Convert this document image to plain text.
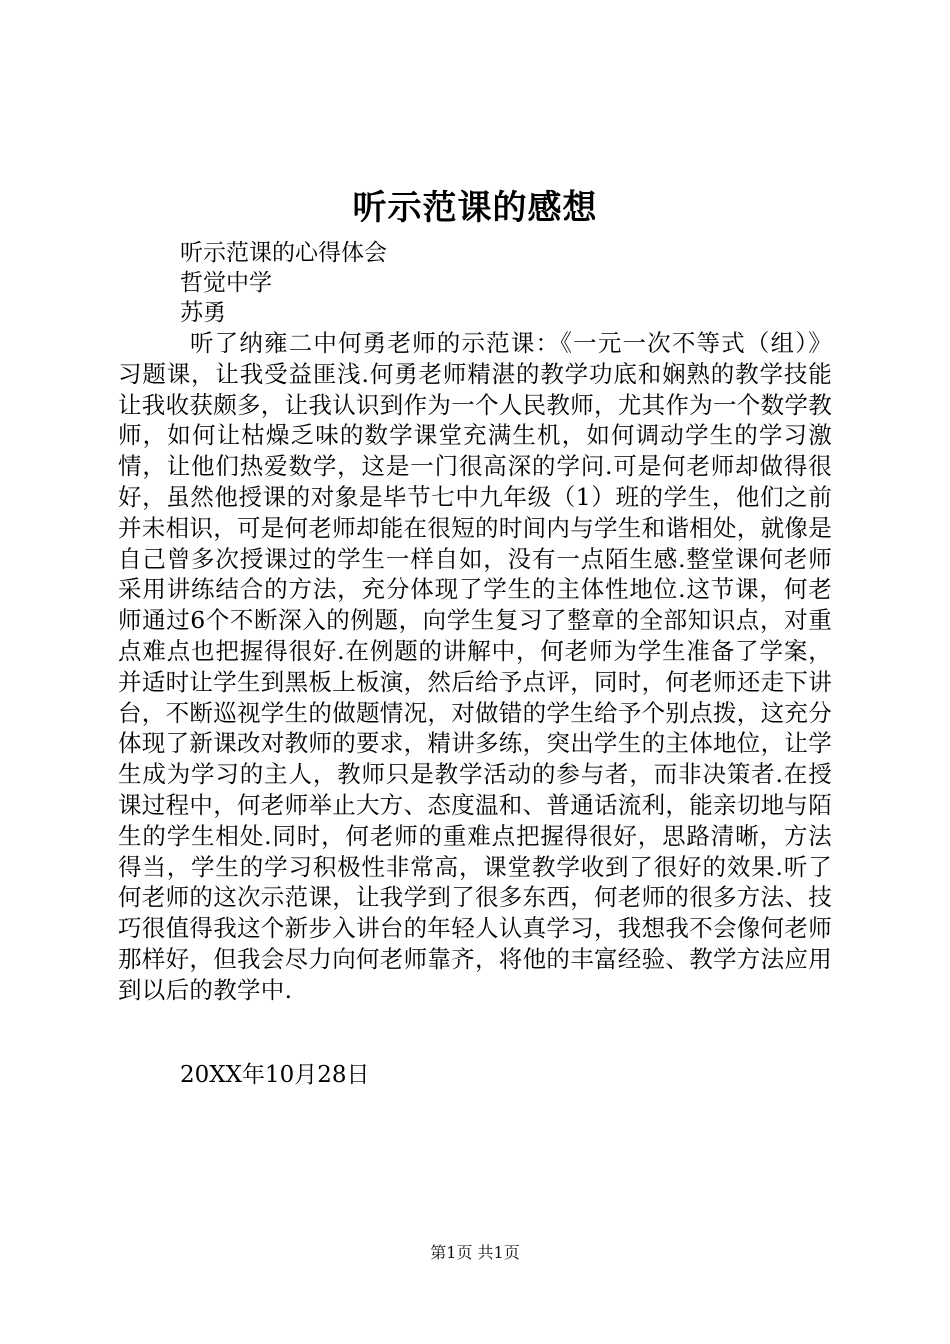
听示范课的感想
听示范课的心得体会
哲觉中学
苏勇

听了纳雍二中何勇老师的示范课：《一元一次不等式（组）》习题课，让我受益匪浅.何勇老师精湛的教学功底和娴熟的教学技能让我收获颇多，让我认识到作为一个人民教师，尤其作为一个数学教师，如何让枯燥乏味的数学课堂充满生机，如何调动学生的学习激情，让他们热爱数学，这是一门很高深的学问.可是何老师却做得很好，虽然他授课的对象是毕节七中九年级（1）班的学生，他们之前并未相识，可是何老师却能在很短的时间内与学生和谐相处，就像是自己曾多次授课过的学生一样自如，没有一点陌生感.整堂课何老师采用讲练结合的方法，充分体现了学生的主体性地位.这节课，何老师通过6个不断深入的例题，向学生复习了整章的全部知识点，对重点难点也把握得很好.在例题的讲解中，何老师为学生准备了学案，并适时让学生到黑板上板演，然后给予点评，同时，何老师还走下讲台，不断巡视学生的做题情况，对做错的学生给予个别点拨，这充分体现了新课改对教师的要求，精讲多练，突出学生的主体地位，让学生成为学习的主人，教师只是教学活动的参与者，而非决策者.在授课过程中，何老师举止大方、态度温和、普通话流利，能亲切地与陌生的学生相处.同时，何老师的重难点把握得很好，思路清晰，方法得当，学生的学习积极性非常高，课堂教学收到了很好的效果.听了何老师的这次示范课，让我学到了很多东西，何老师的很多方法、技巧很值得我这个新步入讲台的年轻人认真学习，我想我不会像何老师那样好，但我会尽力向何老师靠齐，将他的丰富经验、教学方法应用到以后的教学中.

20XX年10月28日
第1页 共1页
